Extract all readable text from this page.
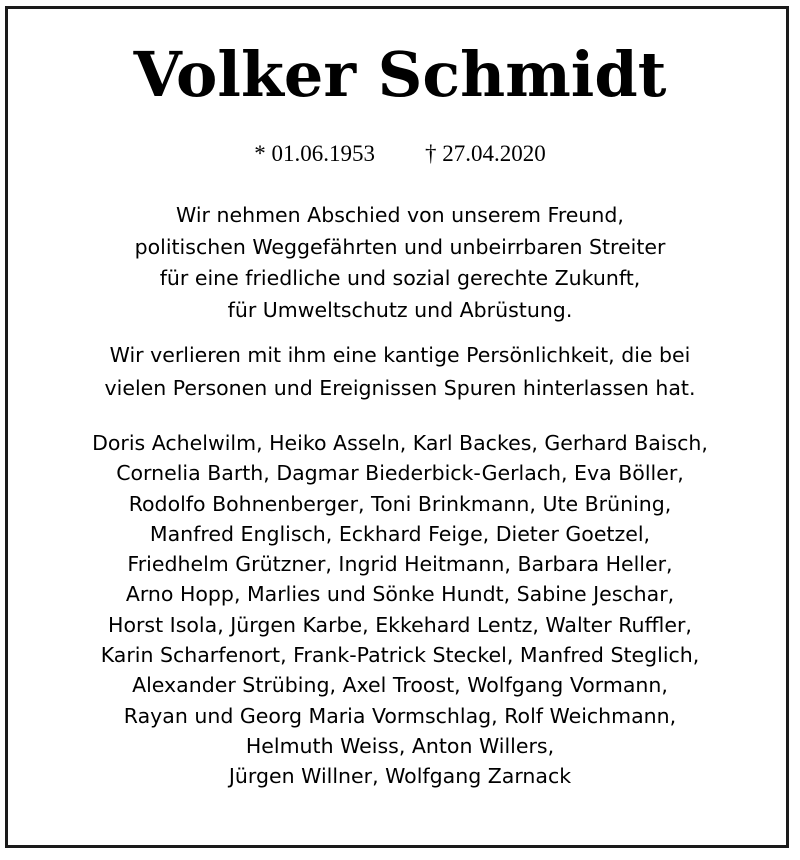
Volker Schmidt
* 01.06.1953 † 27.04.2020
Wir nehmen Abschied von unserem Freund,
politischen Weggefährten und unbeirrbaren Streiter
für eine friedliche und sozial gerechte Zukunft,
für Umweltschutz und Abrüstung.
Wir verlieren mit ihm eine kantige Persönlichkeit, die bei
vielen Personen und Ereignissen Spuren hinterlassen hat.
Doris Achelwilm, Heiko Asseln, Karl Backes, Gerhard Baisch,
Cornelia Barth, Dagmar Biederbick-Gerlach, Eva Böller,
Rodolfo Bohnenberger, Toni Brinkmann, Ute Brüning,
Manfred Englisch, Eckhard Feige, Dieter Goetzel,
Friedhelm Grützner, Ingrid Heitmann, Barbara Heller,
Arno Hopp, Marlies und Sönke Hundt, Sabine Jeschar,
Horst Isola, Jürgen Karbe, Ekkehard Lentz, Walter Ruffler,
Karin Scharfenort, Frank-Patrick Steckel, Manfred Steglich,
Alexander Strübing, Axel Troost, Wolfgang Vormann,
Rayan und Georg Maria Vormschlag, Rolf Weichmann,
Helmuth Weiss, Anton Willers,
Jürgen Willner, Wolfgang Zarnack
